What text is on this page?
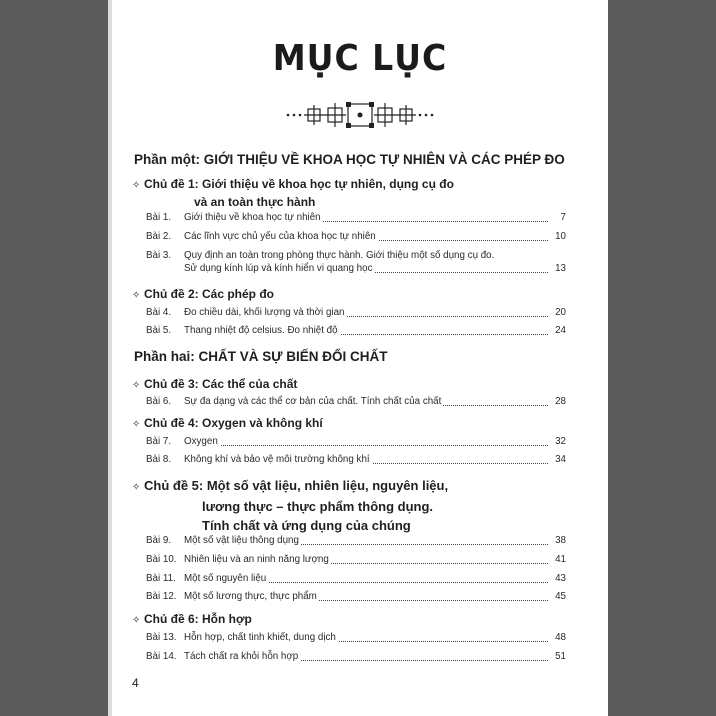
MỤC LỤC
Phần một: GIỚI THIỆU VỀ KHOA HỌC TỰ NHIÊN VÀ CÁC PHÉP ĐO
✧ Chủ đề 1: Giới thiệu về khoa học tự nhiên, dụng cụ đo
và an toàn thực hành
Bài 1. Giới thiệu về khoa học tự nhiên	7
Bài 2. Các lĩnh vực chủ yếu của khoa học tự nhiên	10
Bài 3. Quy định an toàn trong phòng thực hành. Giới thiệu một số dụng cụ đo.
Sử dụng kính lúp và kính hiển vi quang học	13
✧ Chủ đề 2: Các phép đo
Bài 4. Đo chiều dài, khối lượng và thời gian	20
Bài 5. Thang nhiệt độ celsius. Đo nhiệt độ	24
Phần hai: CHẤT VÀ SỰ BIẾN ĐỔI CHẤT
✧ Chủ đề 3: Các thể của chất
Bài 6. Sự đa dạng và các thể cơ bản của chất. Tính chất của chất	28
✧ Chủ đề 4: Oxygen và không khí
Bài 7. Oxygen	32
Bài 8. Không khí và bảo vệ môi trường không khí	34
✧ Chủ đề 5: Một số vật liệu, nhiên liệu, nguyên liệu,
lương thực – thực phẩm thông dụng.
Tính chất và ứng dụng của chúng
Bài 9. Một số vật liệu thông dụng	38
Bài 10. Nhiên liệu và an ninh năng lượng	41
Bài 11. Một số nguyên liệu	43
Bài 12. Một số lương thực, thực phẩm	45
✧ Chủ đề 6: Hỗn hợp
Bài 13. Hỗn hợp, chất tinh khiết, dung dịch	48
Bài 14. Tách chất ra khỏi hỗn hợp	51
4
